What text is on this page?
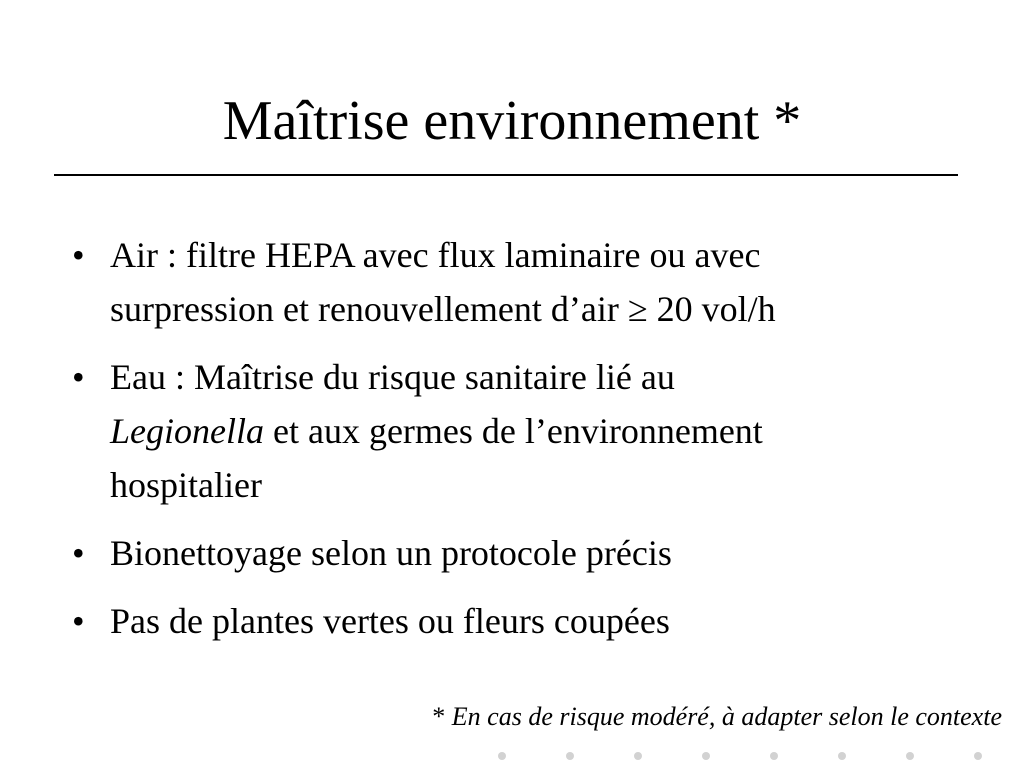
Maîtrise environnement *
• Air : filtre HEPA avec flux laminaire ou avec
surpression et renouvellement d’air ≥ 20 vol/h
• Eau : Maîtrise du risque sanitaire lié au
Legionella et aux germes de l’environnement
hospitalier
• Bionettoyage selon un protocole précis
• Pas de plantes vertes ou fleurs coupées
* En cas de risque modéré, à adapter selon le contexte
